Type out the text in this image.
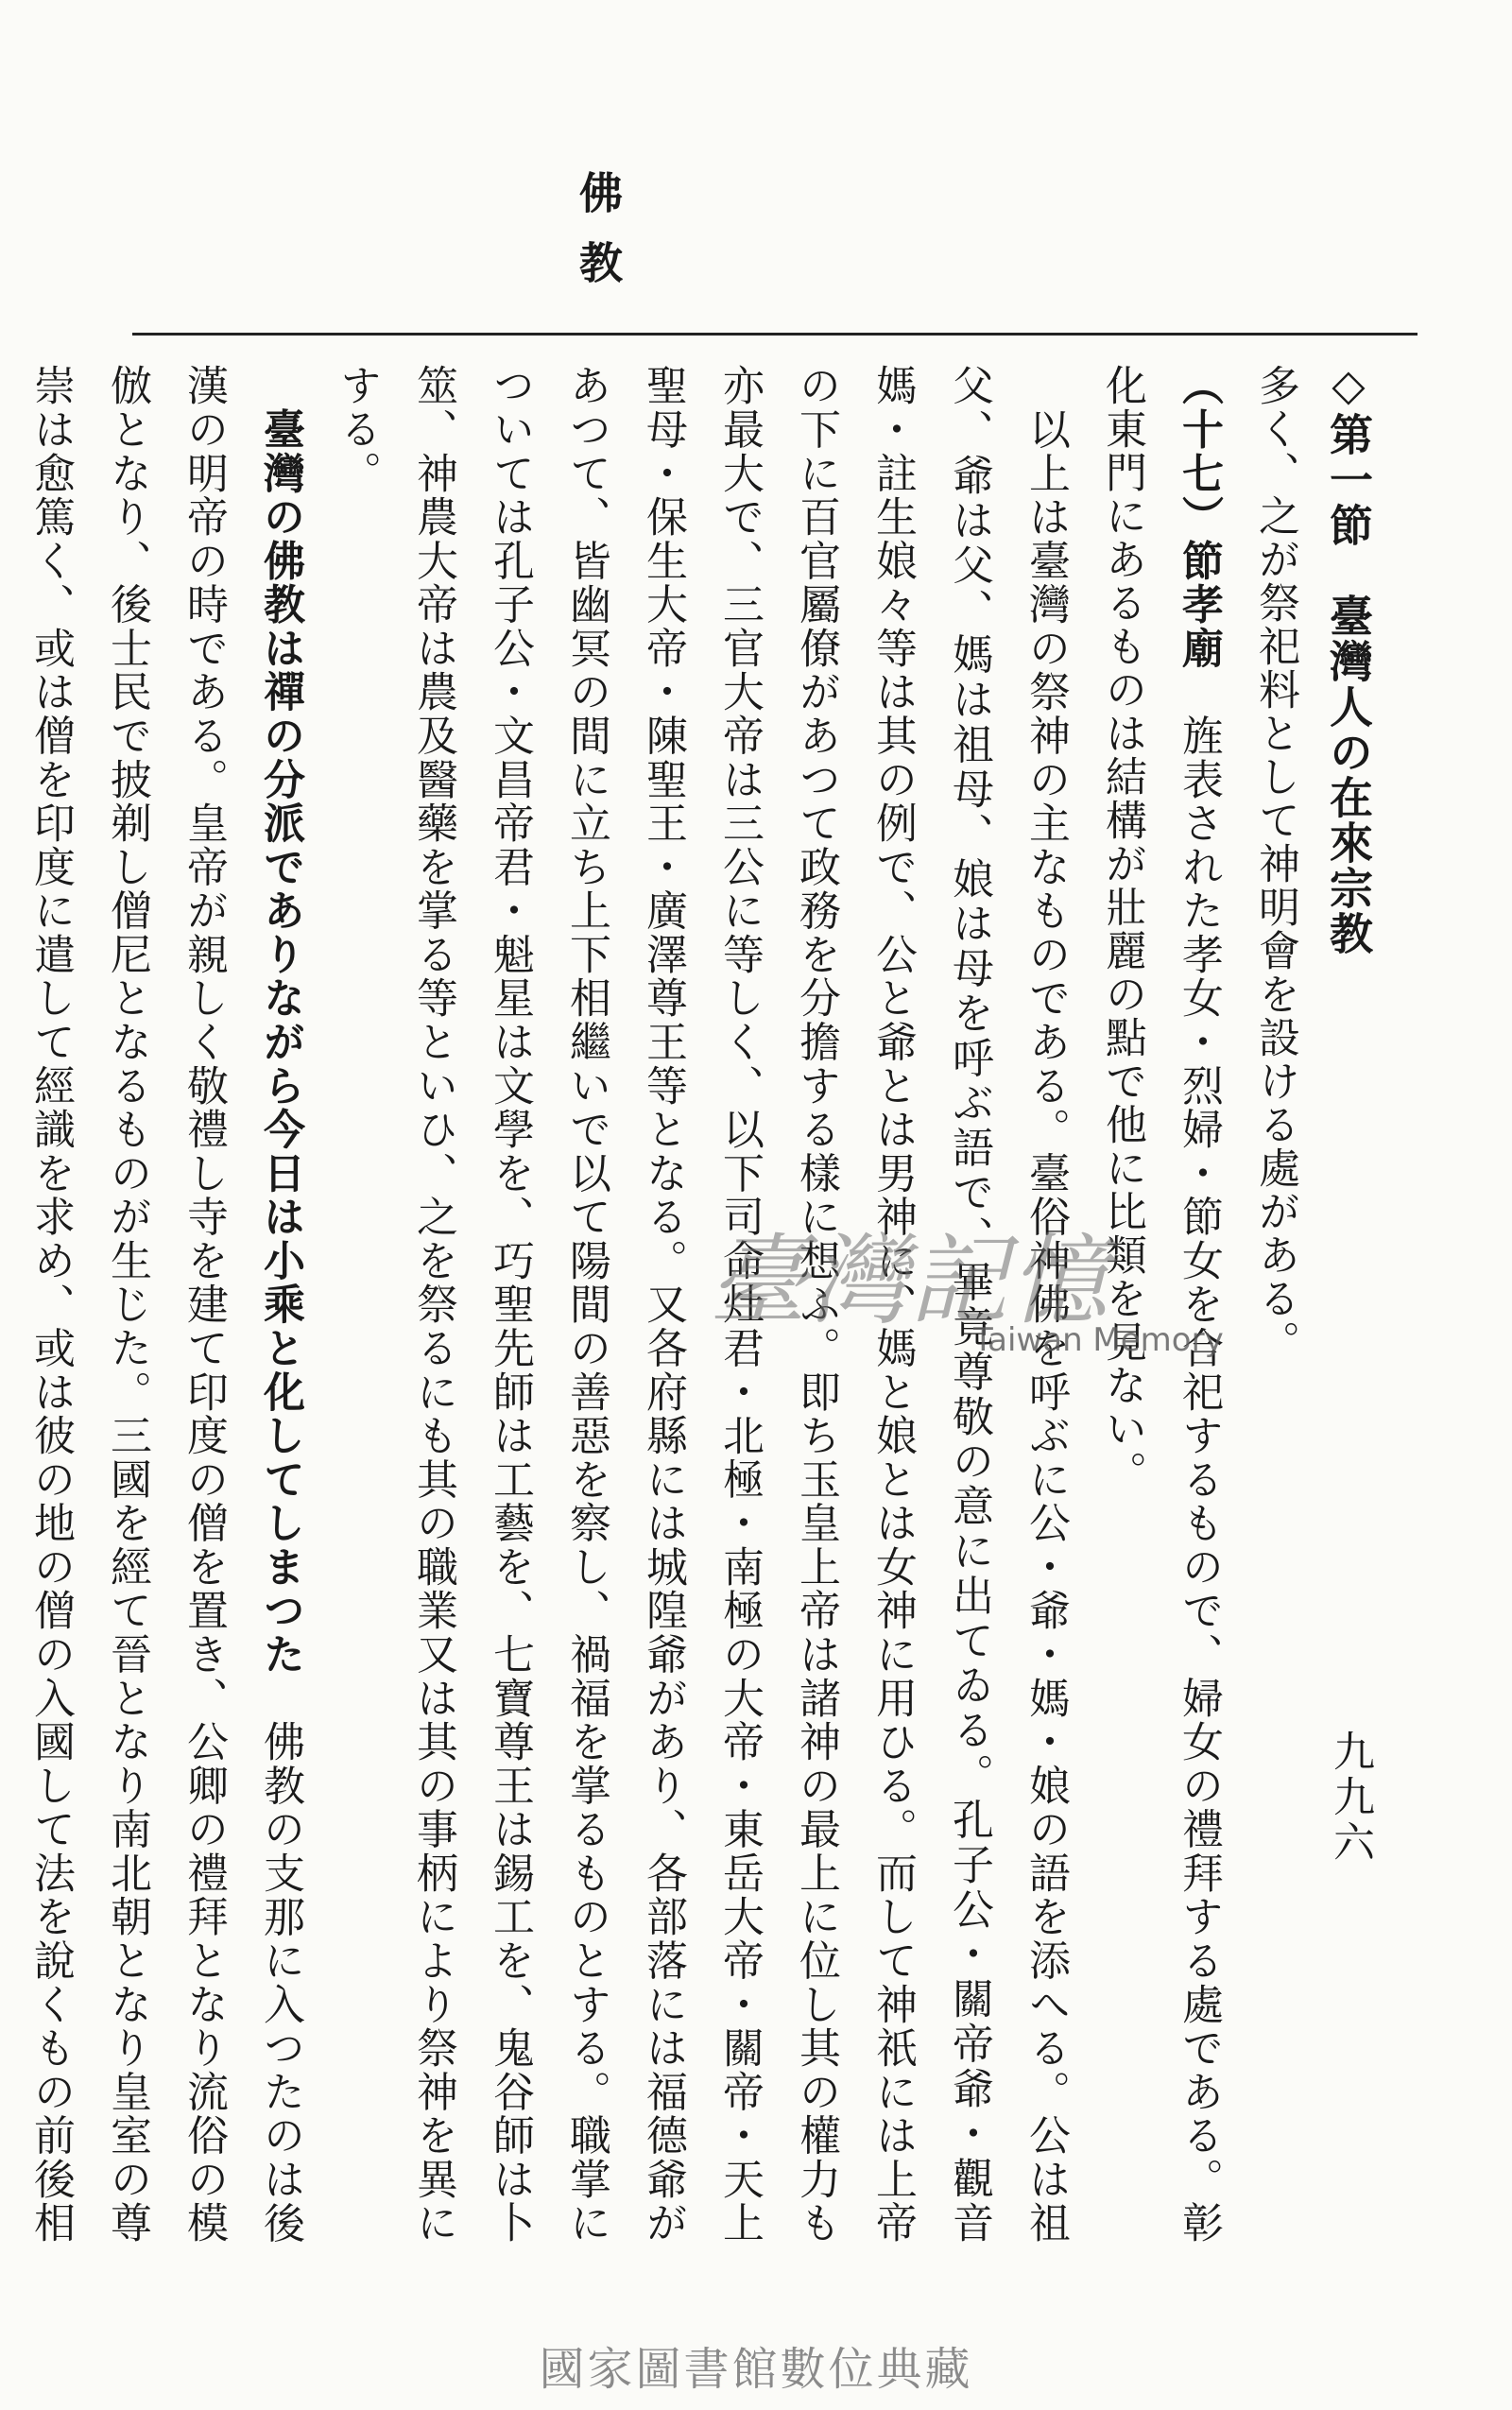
◇第一節　臺灣人の在來宗教
九九六
佛教

多く、之が祭祀料として神明會を設ける處がある。

（十七）節孝廟　旌表された孝女・烈婦・節女を合祀するもので、婦女の禮拜する處である。彰化東門にあるものは結構が壯麗の點で他に比類を見ない。

　以上は臺灣の祭神の主なものである。臺俗神佛を呼ぶに公・爺・媽・娘の語を添へる。公は祖父、爺は父、媽は祖母、娘は母を呼ぶ語で、畢竟尊敬の意に出てゐる。孔子公・關帝爺・觀音媽・註生娘々等は其の例で、公と爺とは男神に、媽と娘とは女神に用ひる。而して神祇には上帝の下に百官屬僚があつて政務を分擔する樣に想ふ。即ち玉皇上帝は諸神の最上に位し其の權力も亦最大で、三官大帝は三公に等しく、以下司命灶君・北極・南極の大帝・東岳大帝・關帝・天上聖母・保生大帝・陳聖王・廣澤尊王等となる。又各府縣には城隍爺があり、各部落には福德爺があつて、皆幽冥の間に立ち上下相繼いで以て陽間の善惡を察し、禍福を掌るものとする。職掌については孔子公・文昌帝君・魁星は文學を、巧聖先師は工藝を、七寶尊王は錫工を、鬼谷師は卜筮、神農大帝は農及醫藥を掌る等といひ、之を祭るにも其の職業又は其の事柄により祭神を異にする。

　臺灣の佛教は禪の分派でありながら今日は小乘と化してしまつた　佛教の支那に入つたのは後漢の明帝の時である。皇帝が親しく敬禮し寺を建て印度の僧を置き、公卿の禮拜となり流俗の模倣となり、後士民で披剃し僧尼となるものが生じた。三國を經て晉となり南北朝となり皇室の尊崇は愈篤く、或は僧を印度に遣して經識を求め、或は彼の地の僧の入國して法を說くもの前後相

臺灣記憶
Taiwan Memory
國家圖書館數位典藏
